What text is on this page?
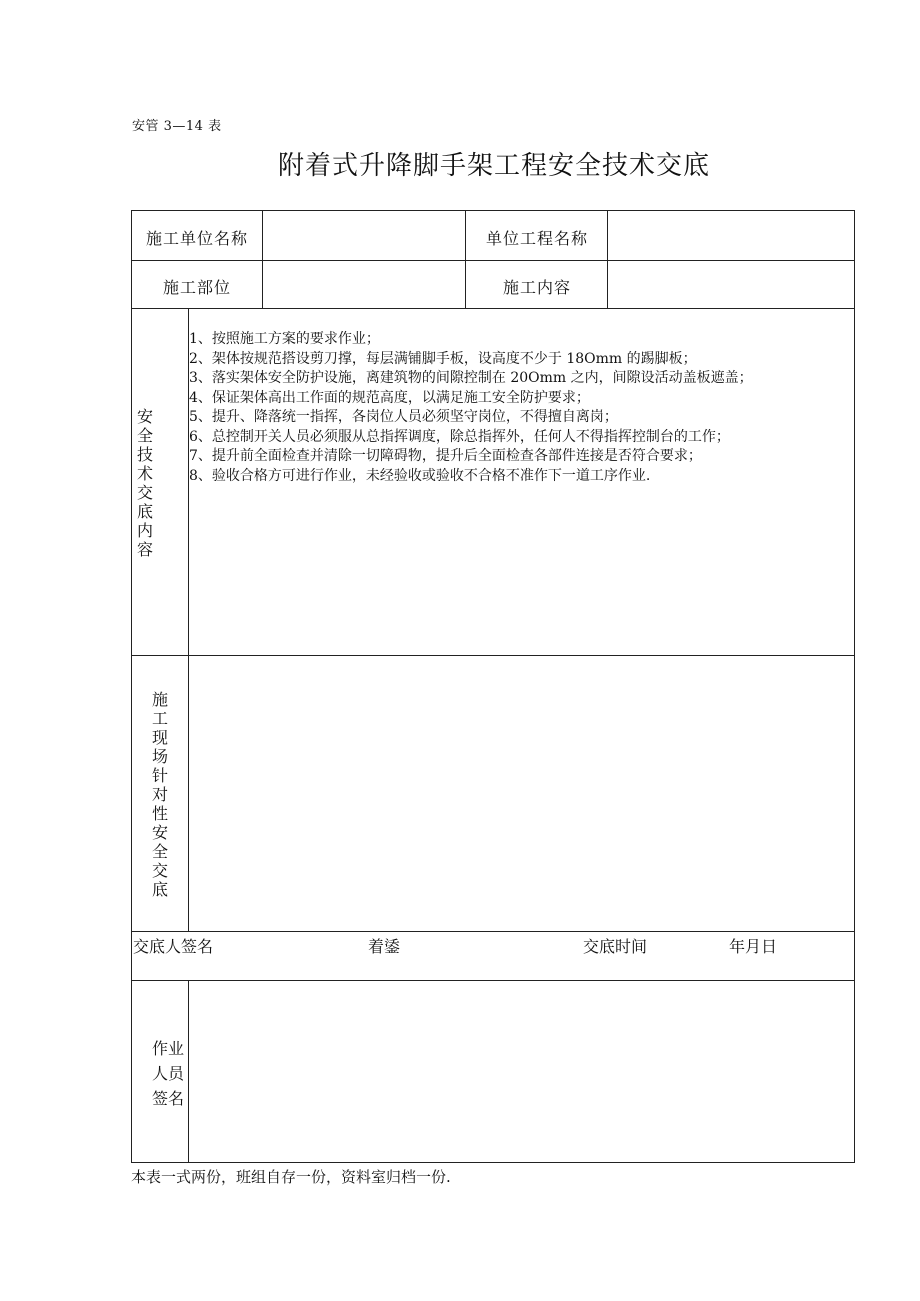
安管 3—14 表
附着式升降脚手架工程安全技术交底
施工单位名称	单位工程名称
施工部位	施工内容
安
全
技
术
交
底
内
容
1、按照施工方案的要求作业；
2、架体按规范搭设剪刀撑，每层满铺脚手板，设高度不少于 18Omm 的踢脚板；
3、落实架体安全防护设施，离建筑物的间隙控制在 20Omm 之内，间隙设活动盖板遮盖；
4、保证架体高出工作面的规范高度，以满足施工安全防护要求；
5、提升、降落统一指挥，各岗位人员必须坚守岗位，不得擅自离岗；
6、总控制开关人员必须服从总指挥调度，除总指挥外，任何人不得指挥控制台的工作；
7、提升前全面检查并清除一切障碍物，提升后全面检查各部件连接是否符合要求；
8、验收合格方可进行作业，未经验收或验收不合格不准作下一道工序作业.
施
工
现
场
针
对
性
安
全
交
底
交底人签名	着鋈	交底时间	年月日
作业
人员
签名
本表一式两份，班组自存一份，资料室归档一份.
